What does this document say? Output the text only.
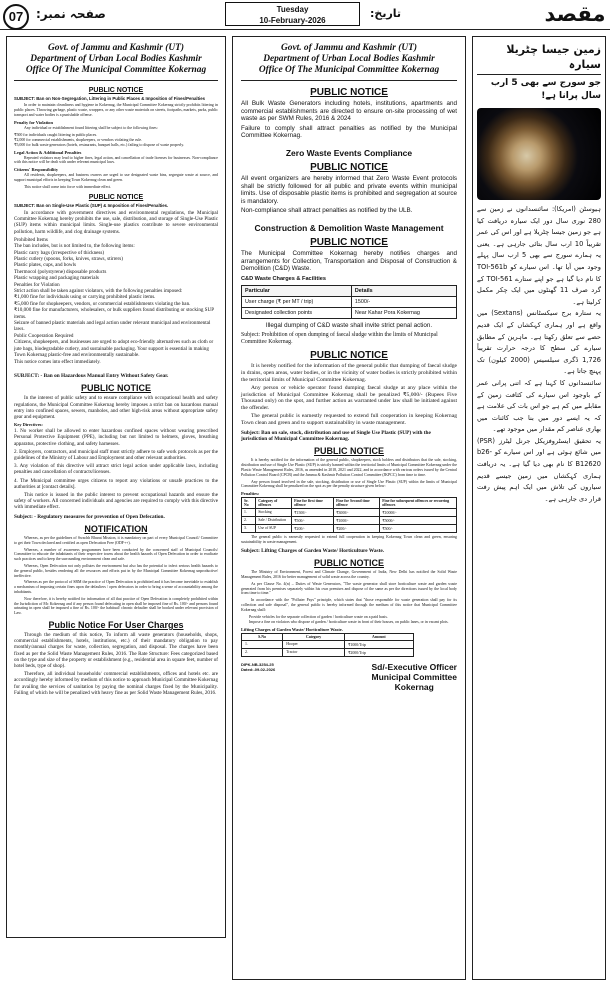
07	صفحہ نمبر:	Tuesday
10-February-2026
تاریخ:	مقصد
Govt. of Jammu and Kashmir (UT)
Department of Urban Local Bodies Kashmir
Office Of The Municipal Committee Kokernag
PUBLIC NOTICE
SUBJECT: Ban on Non-Segregation, Littering in Public Places & Imposition of Fines/Penalties
In order to maintain cleanliness and hygiene in Kokernag, the Municipal Committee Kokernag strictly prohibits littering in public places. Throwing garbage, plastic waste, wrappers, or any other waste materials on streets, footpaths, markets, parks, public transport and water bodies is a punishable offense.
Penalty for Violation
Any individual or establishment found littering shall be subject to the following fines:
₹500 for individuals caught littering in public places.
₹2,000 for commercial establishments, shopkeepers, or vendors violating the rule.
₹5,000 for bulk waste generators (hotels, restaurants, banquet halls, etc.) failing to dispose of waste properly.
Legal Action & Additional Penalties
Repeated violators may lead to higher fines, legal action, and cancellation of trade licenses for businesses. Non-compliance with this notice will be dealt with under relevant municipal laws.
Citizens' Responsibility
All residents, shopkeepers, and business owners are urged to use designated waste bins, segregate waste at source, and support municipal efforts in keeping Town Kokernag clean and green.
This notice shall come into force with immediate effect.
PUBLIC NOTICE
SUBJECT: Ban on Single-Use Plastic (SUP) & Imposition of Fines/Penalties.
In accordance with government directives and environmental regulations, the Municipal Committee Kokernag hereby prohibits the use, sale, distribution, and storage of Single-Use Plastic (SUP) items within municipal limits. Single-use plastics contribute to severe environmental pollution, harm wildlife, and clog drainage systems.
Prohibited Items
The ban includes, but is not limited to, the following items:
Plastic carry bags (irrespective of thickness)
Plastic cutlery (spoons, forks, knives, straws, stirrers)
Plastic plates, cups, and bowls
Thermocol (polystyrene) disposable products
Plastic wrapping and packaging materials
Penalties for Violation
Strict action shall be taken against violators, with the following penalties imposed:
₹1,000 fine for individuals using or carrying prohibited plastic items.
₹5,000 fine for shopkeepers, vendors, or commercial establishments violating the ban.
₹10,000 fine for manufacturers, wholesalers, or bulk suppliers found distributing or stocking SUP items.
Seizure of banned plastic materials and legal action under relevant municipal and environmental laws.
Public Cooperation Required
Citizens, shopkeepers, and businesses are urged to adopt eco-friendly alternatives such as cloth or jute bags, biodegradable cutlery, and sustainable packaging. Your support is essential in making Town Kokernag plastic-free and environmentally sustainable.
This notice comes into effect immediately.
SUBJECT: - Ban on Hazardous Manual Entry Without Safety Gear.
PUBLIC NOTICE
In the interest of public safety and to ensure compliance with occupational health and safety regulations, the Municipal Committee Kokernag hereby imposes a strict ban on hazardous manual entry into confined spaces, sewers, manholes, and other high-risk areas without appropriate safety gear and equipment.
Key Directives:
1. No worker shall be allowed to enter hazardous confined spaces without wearing prescribed Personal Protective Equipment (PPE), including but not limited to helmets, gloves, breathing apparatus, protective clothing, and safety harnesses.
2. Employers, contractors, and municipal staff must strictly adhere to safe work protocols as per the guidelines of the Ministry of Labour and Employment and other relevant authorities.
3. Any violation of this directive will attract strict legal action under applicable laws, including penalties and cancellation of contracts/licenses.
4. The Municipal committee urges citizens to report any violations or unsafe practices to the authorities at [contact details].
This notice is issued in the public interest to prevent occupational hazards and ensure the safety of workers. All concerned individuals and agencies are required to comply with this directive with immediate effect.
Subject: - Regulatory measures for prevention of Open Defecation.
NOTIFICATION
Whereas, as per the guidelines of Swachh Bharat Mission, it is mandatory on part of every Municipal Council/ Committee to get their Town declared and certified as open Defecation Free (ODF++).
Whereas, a number of awareness programmes have been conducted by the concerned staff of Municipal Councils/ Committee to educate the inhabitants of their respective towns about the health hazards of Open Defecation in order to eradicate such practices and to keep the surrounding environment clean and safe.
Whereas, Open Defecation not only pollutes the environment but also has the potential to infect serious health hazards to the general public, besides rendering all the resources and efforts put in by the Municipal Committee Kokernag unproductive/ ineffective.
Whereas as per the protocol of SBM the practice of Open Defecation is prohibited and it has become inevitable to establish a mechanism of imposing certain fines upon the defaulters / open defecators in order to bring a sense of accountability among the inhabitants.
Now therefore, it is hereby notified for information of all that practice of Open Defecation is completely prohibited within the Jurisdiction of Mc Kokernag and if any person found defecating in open shall be imposed fine of Rs. 100/- and persons found urinating in open shall be imposed a fine of Rs. 100/- the habitual/ chronic defaulter shall be booked under relevant provision of Law.
Public Notice For User Charges
Through the medium of this notice, To inform all waste generators (households, shops, commercial establishments, hotels, institutions, etc.) of their mandatory obligation to pay monthly/annual charges for waste, collection, segregation, and disposal. The charges have been fixed as per the Solid Waste Management Rules, 2016. The Rate Structure: Fees categorized based on the type and size of the property or establishment (e.g., residential area in square feet, number of hotel beds, type of shop).
Therefore, all individual households/ commercial establishments, offices and hotels etc. are accordingly hereby informed by medium of this notice to approach Municipal Committee Kokernag for availing the services of sanitation by paying the nominal charges fixed by the Municipality. Failing of which he will be penalized with heavy fine as per Solid Waste Management Rules, 2016.
Govt. of Jammu and Kashmir (UT)
Department of Urban Local Bodies Kashmir
Office Of The Municipal Committee Kokernag
PUBLIC NOTICE
All Bulk Waste Generators including hotels, institutions, apartments and commercial establishments are directed to ensure on-site processing of wet waste as per SWM Rules, 2016 & 2024
Failure to comply shall attract penalties as notified by the Municipal Committee Kokernag.
Zero Waste Events Compliance
PUBLIC NOTICE
All event organizers are hereby informed that Zero Waste Event protocols shall be strictly followed for all public and private events within municipal limits. Use of disposable plastic items is prohibited and segregation at source is mandatory.
Non-compliance shall attract penalties as notified by the ULB.
Construction & Demolition Waste Management
PUBLIC NOTICE
The Municipal Committee Kokernag hereby notifies charges and arrangements for Collection, Transportation and Disposal of Construction & Demolition (C&D) Waste.
C&D Waste Charges & Facilities
Particular	Details
User charge (₹ per MT / trip)	1500/-
Designated collection points	Near Kahar Pora Kokernag
Illegal dumping of C&D waste shall invite strict penal action.
Subject: Prohibition of open dumping of faecal sludge within the limits of Municipal Committee Kokernag.
PUBLIC NOTICE
It is hereby notified for the information of the general public that dumping of faecal sludge in drains, open areas, water bodies, or in the vicinity of water bodies is strictly prohibited within the territorial limits of Municipal Committee Kokernag.
Any person or vehicle operator found dumping faecal sludge at any place within the jurisdiction of Municipal Committee Kokernag shall be penalized ₹5,000/- (Rupees Five Thousand only) on the spot, and further action as warranted under law shall be initiated against the offender.
The general public is earnestly requested to extend full cooperation in keeping Kokernag Town clean and green and to support sustainability in waste management.
Subject: Ban on sale, stock, distribution and use of Single Use Plastic (SUP) with the jurisdiction of Municipal Committee Kokernag.
PUBLIC NOTICE
It is hereby notified for the information of the general public, shopkeepers, stock holders and distributors that the sale, stocking, distribution and use of Single Use Plastic (SUP) is strictly banned within the territorial limits of Municipal Committee Kokernag under the Plastic Waste Management Rules, 2016, as amended in 2018, 2021 and 2022, and in accordance with various orders issued by the Central Pollution Control Board (CPCB) and the Jammu & Kashmir Pollution Control Committee (JKPCC) from time to time.
Any person found involved in the sale, stocking, distribution or use of Single Use Plastic (SUP) within the limits of Municipal Committee Kokernag shall be penalized on the spot as per the penalty structure given below:
Penalties:
Sr. No	Category of offences	Fine for first time offence	Fine for Second time offence	Fine for subsequent offences or recurring offences
1.	Stocking	₹1500/-	₹3000/-	₹10000/-
2.	Sale / Distribution	₹500/-	₹1000/-	₹5000/-
3.	Use of SUP	₹200/-	₹200/-	₹500/-
The general public is earnestly requested to extend full cooperation in keeping Kokernag Town clean and green, ensuring sustainability in waste management.
Subject: Lifting Charges of Garden Waste/ Horticulture Waste.
PUBLIC NOTICE
The Ministry of Environment, Forest and Climate Change, Government of India, New Delhi has notified the Solid Waste Management Rules, 2016 for better management of solid waste across the country.
As per Clause No. 4(n) – Duties of Waste Generators, "The waste generator shall store horticulture waste and garden waste generated from his premises separately within his own premises and dispose of the same as per the directions issued by the local body from time to time."
In accordance with the "Polluter Pays" principle, which states that "those responsible for waste generation shall pay for its collection and safe disposal", the general public is hereby informed through the medium of this notice that Municipal Committee Kokernag shall:
Provide vehicles for the separate collection of garden / horticulture waste on a paid basis.
Impose a fine on violators who dispose of garden / horticulture waste in front of their houses, on public lanes, or in vacant plots.
Lifting Charges of Garden Waste/ Horticulture Waste.
S.No	Category	Amount
1.	Hooper	₹1000/Trip
2.	Tractor	₹2000/Trip
DIPK-NB-3254-25
Dated:-09-02-2026	Sd/-Executive Officer
Municipal Committee
Kokernag
زمین جیسا چٹریلا سیارہ
جو سورج سے بھی 5 ارب سال پرانا ہے!

ہیوسٹن (امریکا): سائنسدانوں نے زمین سے 280 نوری سال دور ایک سیارہ دریافت کیا ہے جو زمین جیسا چٹریلا ہے اور اس کی عمر تقریباً 10 ارب سال بتائی جارہی ہے۔ یعنی یہ ہمارے سورج سے بھی 5 ارب سال پہلے وجود میں آیا تھا۔ اس سیارے کو TOI-561b کا نام دیا گیا ہے جو اپنے ستارے TOI-561 کے گرد صرف 11 گھنٹوں میں ایک چکر مکمل کرلیتا ہے۔

یہ ستارہ برج سیکسٹانس (Sextans) میں واقع ہے اور ہماری کہکشاں کے ایک قدیم حصے سے تعلق رکھتا ہے۔ ماہرین کے مطابق سیارے کی سطح کا درجہ حرارت تقریباً 1,726 ڈگری سیلسیس (2000 کیلون) تک پہنچ جاتا ہے۔

سائنسدانوں کا کہنا ہے کہ اتنی پرانی عمر کے باوجود اس سیارے کی کثافت زمین کے مقابلے میں کم ہے جو اس بات کی علامت ہے کہ یہ ایسے دور میں بنا جب کائنات میں بھاری عناصر کم مقدار میں موجود تھے۔

یہ تحقیق ایسٹروفزیکل جرنل لیٹرز (PSR) میں شائع ہوئی ہے اور اس سیارے کو b26-B12620 کا نام بھی دیا گیا ہے۔ یہ دریافت ہماری کہکشاں میں زمین جیسے قدیم سیاروں کی تلاش میں ایک اہم پیش رفت قرار دی جارہی ہے۔
